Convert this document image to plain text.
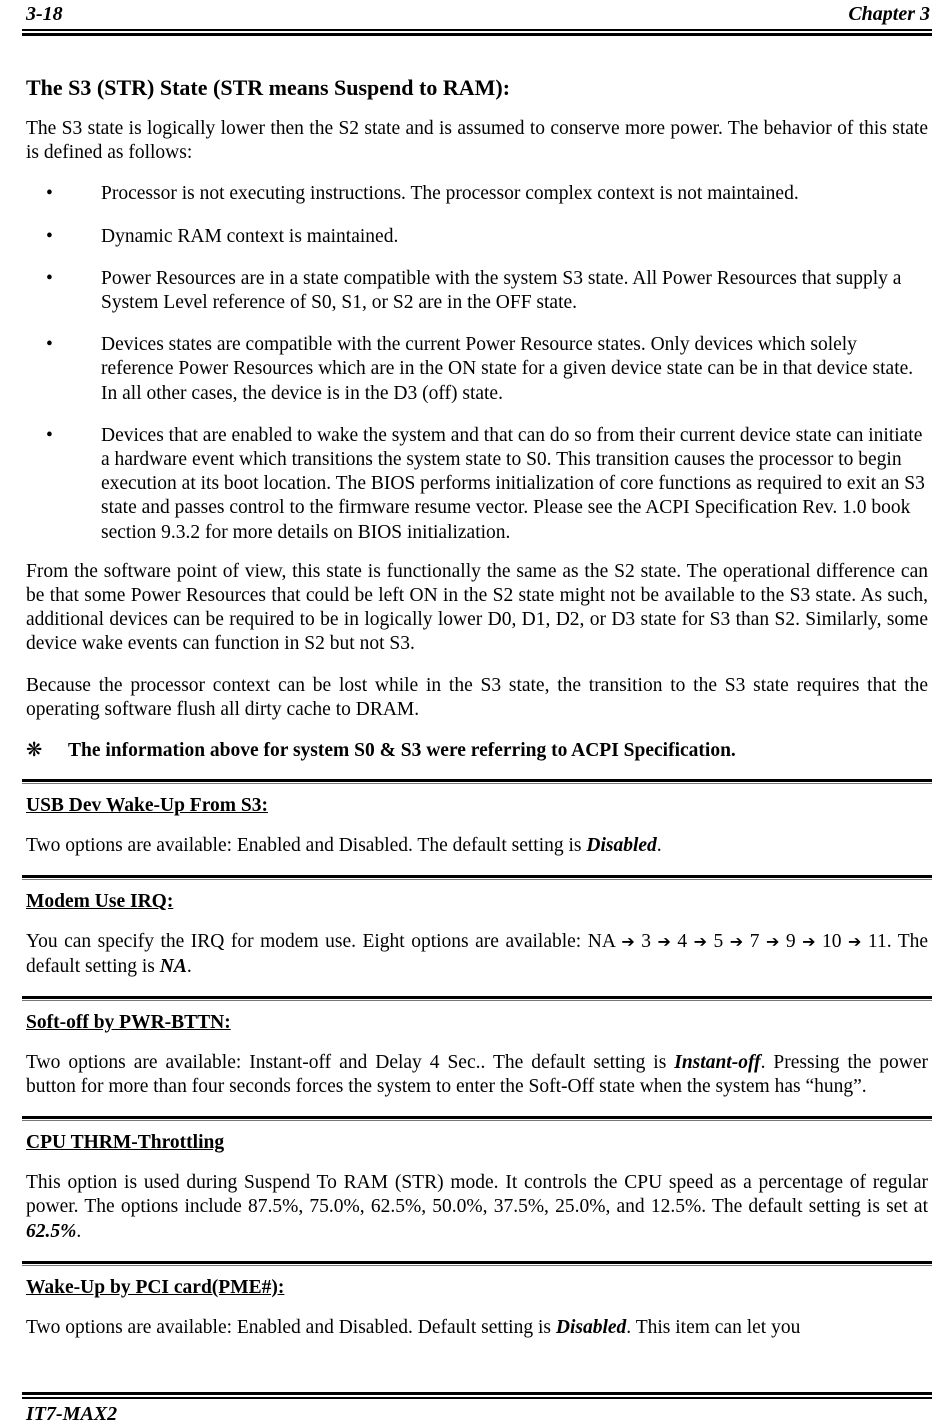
3-18	Chapter 3
The S3 (STR) State (STR means Suspend to RAM):

The S3 state is logically lower then the S2 state and is assumed to conserve more power. The behavior of this state is defined as follows:

• Processor is not executing instructions. The processor complex context is not maintained.
• Dynamic RAM context is maintained.
• Power Resources are in a state compatible with the system S3 state. All Power Resources that supply a System Level reference of S0, S1, or S2 are in the OFF state.
• Devices states are compatible with the current Power Resource states. Only devices which solely reference Power Resources which are in the ON state for a given device state can be in that device state. In all other cases, the device is in the D3 (off) state.
• Devices that are enabled to wake the system and that can do so from their current device state can initiate a hardware event which transitions the system state to S0. This transition causes the processor to begin execution at its boot location. The BIOS performs initialization of core functions as required to exit an S3 state and passes control to the firmware resume vector. Please see the ACPI Specification Rev. 1.0 book section 9.3.2 for more details on BIOS initialization.

From the software point of view, this state is functionally the same as the S2 state. The operational difference can be that some Power Resources that could be left ON in the S2 state might not be available to the S3 state. As such, additional devices can be required to be in logically lower D0, D1, D2, or D3 state for S3 than S2. Similarly, some device wake events can function in S2 but not S3.

Because the processor context can be lost while in the S3 state, the transition to the S3 state requires that the operating software flush all dirty cache to DRAM.

❋ The information above for system S0 & S3 were referring to ACPI Specification.
USB Dev Wake-Up From S3:

Two options are available: Enabled and Disabled. The default setting is Disabled.

Modem Use IRQ:

You can specify the IRQ for modem use. Eight options are available: NA ➔ 3 ➔ 4 ➔ 5 ➔ 7 ➔ 9 ➔ 10 ➔ 11. The default setting is NA.

Soft-off by PWR-BTTN:

Two options are available: Instant-off and Delay 4 Sec.. The default setting is Instant-off. Pressing the power button for more than four seconds forces the system to enter the Soft-Off state when the system has “hung”.

CPU THRM-Throttling

This option is used during Suspend To RAM (STR) mode. It controls the CPU speed as a percentage of regular power. The options include 87.5%, 75.0%, 62.5%, 50.0%, 37.5%, 25.0%, and 12.5%. The default setting is set at 62.5%.

Wake-Up by PCI card(PME#):

Two options are available: Enabled and Disabled. Default setting is Disabled. This item can let you

IT7-MAX2
